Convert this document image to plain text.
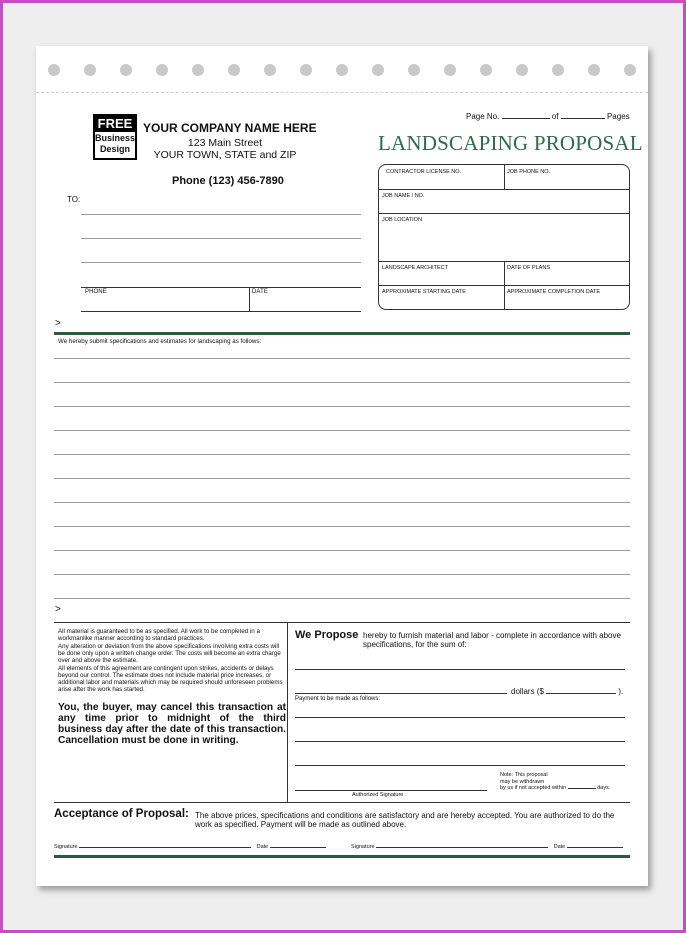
FREE
Business
Design
YOUR COMPANY NAME HERE
123 Main Street
YOUR TOWN, STATE and ZIP
Phone (123) 456-7890
TO:
PHONE	DATE
Page No.	of	Pages
LANDSCAPING PROPOSAL
CONTRACTOR LICENSE NO.	JOB PHONE NO.
JOB NAME / NO.
JOB LOCATION
LANDSCAPE ARCHITECT	DATE OF PLANS
APPROXIMATE STARTING DATE	APPROXIMATE COMPLETION DATE
>
We hereby submit specifications and estimates for landscaping as follows:
>

All material is guaranteed to be as specified. All work to be completed in a workmanlike manner according to standard practices.

Any alteration or deviation from the above specifications involving extra costs will be done only upon a written change order. The costs will become an extra charge over and above the estimate.

All elements of this agreement are contingent upon strikes, accidents or delays beyond our control. The estimate does not include material price increases, or additional labor and materials which may be required should unforeseen problems arise after the work has started.

You, the buyer, may cancel this transaction at any time prior to midnight of the third business day after the date of this transaction. Cancellation must be done in writing.
We Propose hereby to furnish material and labor - complete in accordance with above specifications, for the sum of:
dollars ($	).
Payment to be made as follows:
Authorized Signature
Note: This proposal
may be withdrawn
by us if not accepted within	days.
Acceptance of Proposal: The above prices, specifications and conditions are satisfactory and are hereby accepted. You are authorized to do the work as specified. Payment will be made as outlined above.
Signature	Date	Signature	Date
